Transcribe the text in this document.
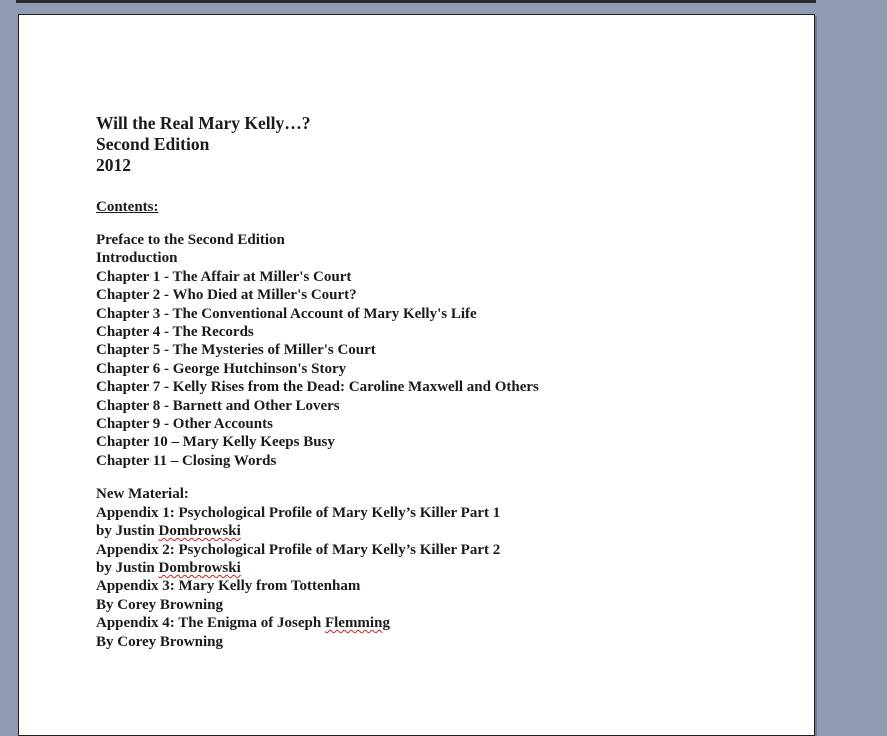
Will the Real Mary Kelly…?
Second Edition
2012
Contents:
Preface to the Second Edition
Introduction
Chapter 1 - The Affair at Miller's Court
Chapter 2 - Who Died at Miller's Court?
Chapter 3 - The Conventional Account of Mary Kelly's Life
Chapter 4 - The Records
Chapter 5 - The Mysteries of Miller's Court
Chapter 6 - George Hutchinson's Story
Chapter 7 - Kelly Rises from the Dead: Caroline Maxwell and Others
Chapter 8 - Barnett and Other Lovers
Chapter 9 - Other Accounts
Chapter 10 – Mary Kelly Keeps Busy
Chapter 11 – Closing Words
New Material:
Appendix 1: Psychological Profile of Mary Kelly’s Killer Part 1
by Justin Dombrowski
Appendix 2: Psychological Profile of Mary Kelly’s Killer Part 2
by Justin Dombrowski
Appendix 3: Mary Kelly from Tottenham
By Corey Browning
Appendix 4: The Enigma of Joseph Flemming
By Corey Browning
